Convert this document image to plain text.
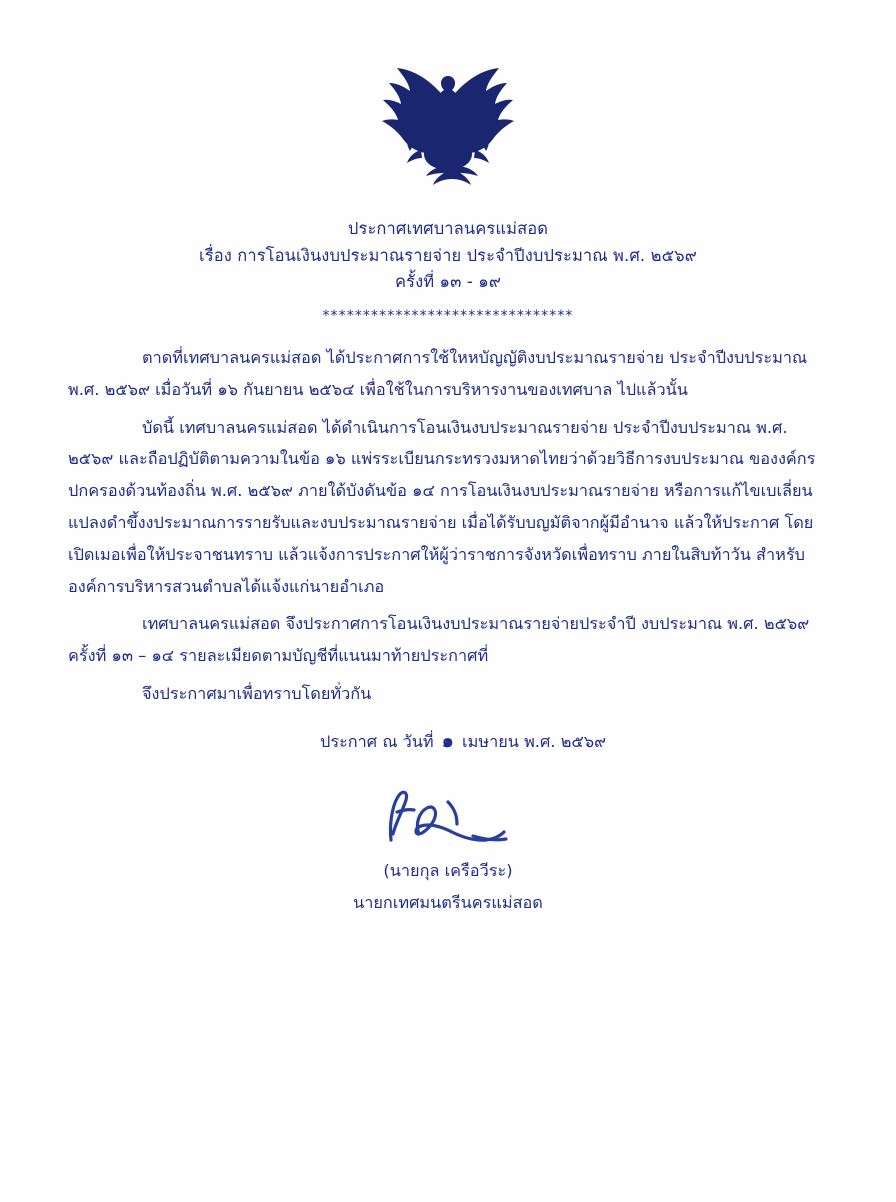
ประกาศเทศบาลนครแม่สอด
เรื่อง การโอนเงินงบประมาณรายจ่าย ประจำปีงบประมาณ พ.ศ. ๒๕๖๙
ครั้งที่ ๑๓ - ๑๙
*******************************

ตาดที่เทศบาลนครแม่สอด ได้ประกาศการใช้ใหหบัญญัติงบประมาณรายจ่าย ประจำปีงบประมาณ พ.ศ. ๒๕๖๙ เมื่อวันที่ ๑๖ กันยายน ๒๕๖๔ เพื่อใช้ในการบริหารงานของเทศบาล ไปแล้วนั้น

บัดนี้ เทศบาลนครแม่สอด ได้ดำเนินการโอนเงินงบประมาณรายจ่าย ประจำปีงบประมาณ พ.ศ. ๒๕๖๙ และถือปฏิบัติตามความในข้อ ๑๖ แพ่รระเบียนกระทรวงมหาดไทยว่าด้วยวิธีการงบประมาณ ของงค์กรปกครองด้วนท้องถิ่น พ.ศ. ๒๕๖๙ ภายใด้บังดันข้อ ๑๔ การโอนเงินงบประมาณรายจ่าย หรือการแก้ไขเบเลี่ยนแปลงดำขึ้งงประมาณการรายรับและงบประมาณรายจ่าย เมื่อได้รับบญมัติจากผู้มีอำนาจ แล้วให้ประกาศ โดยเปิดเมอเพื่อให้ประจาชนทราบ แล้วแจ้งการประกาศให้ผู้ว่าราชการจังหวัดเพื่อทราบ ภายในสิบท้าวัน สำหรับองค์การบริหารสวนตำบลได้แจ้งแก่นายอำเภอ

เทศบาลนครแม่สอด จึงประกาศการโอนเงินงบประมาณรายจ่ายประจำปี งบประมาณ พ.ศ. ๒๕๖๙ ครั้งที่ ๑๓ – ๑๔ รายละเมียดตามบัญชีที่แนนมาท้ายประกาศที่

จึงประกาศมาเพื่อทราบโดยทั่วกัน

ประกาศ ณ วันที่ ๑ เมษายน พ.ศ. ๒๕๖๙
(นายกุล เครือวีระ)
นายกเทศมนตรีนครแม่สอด
